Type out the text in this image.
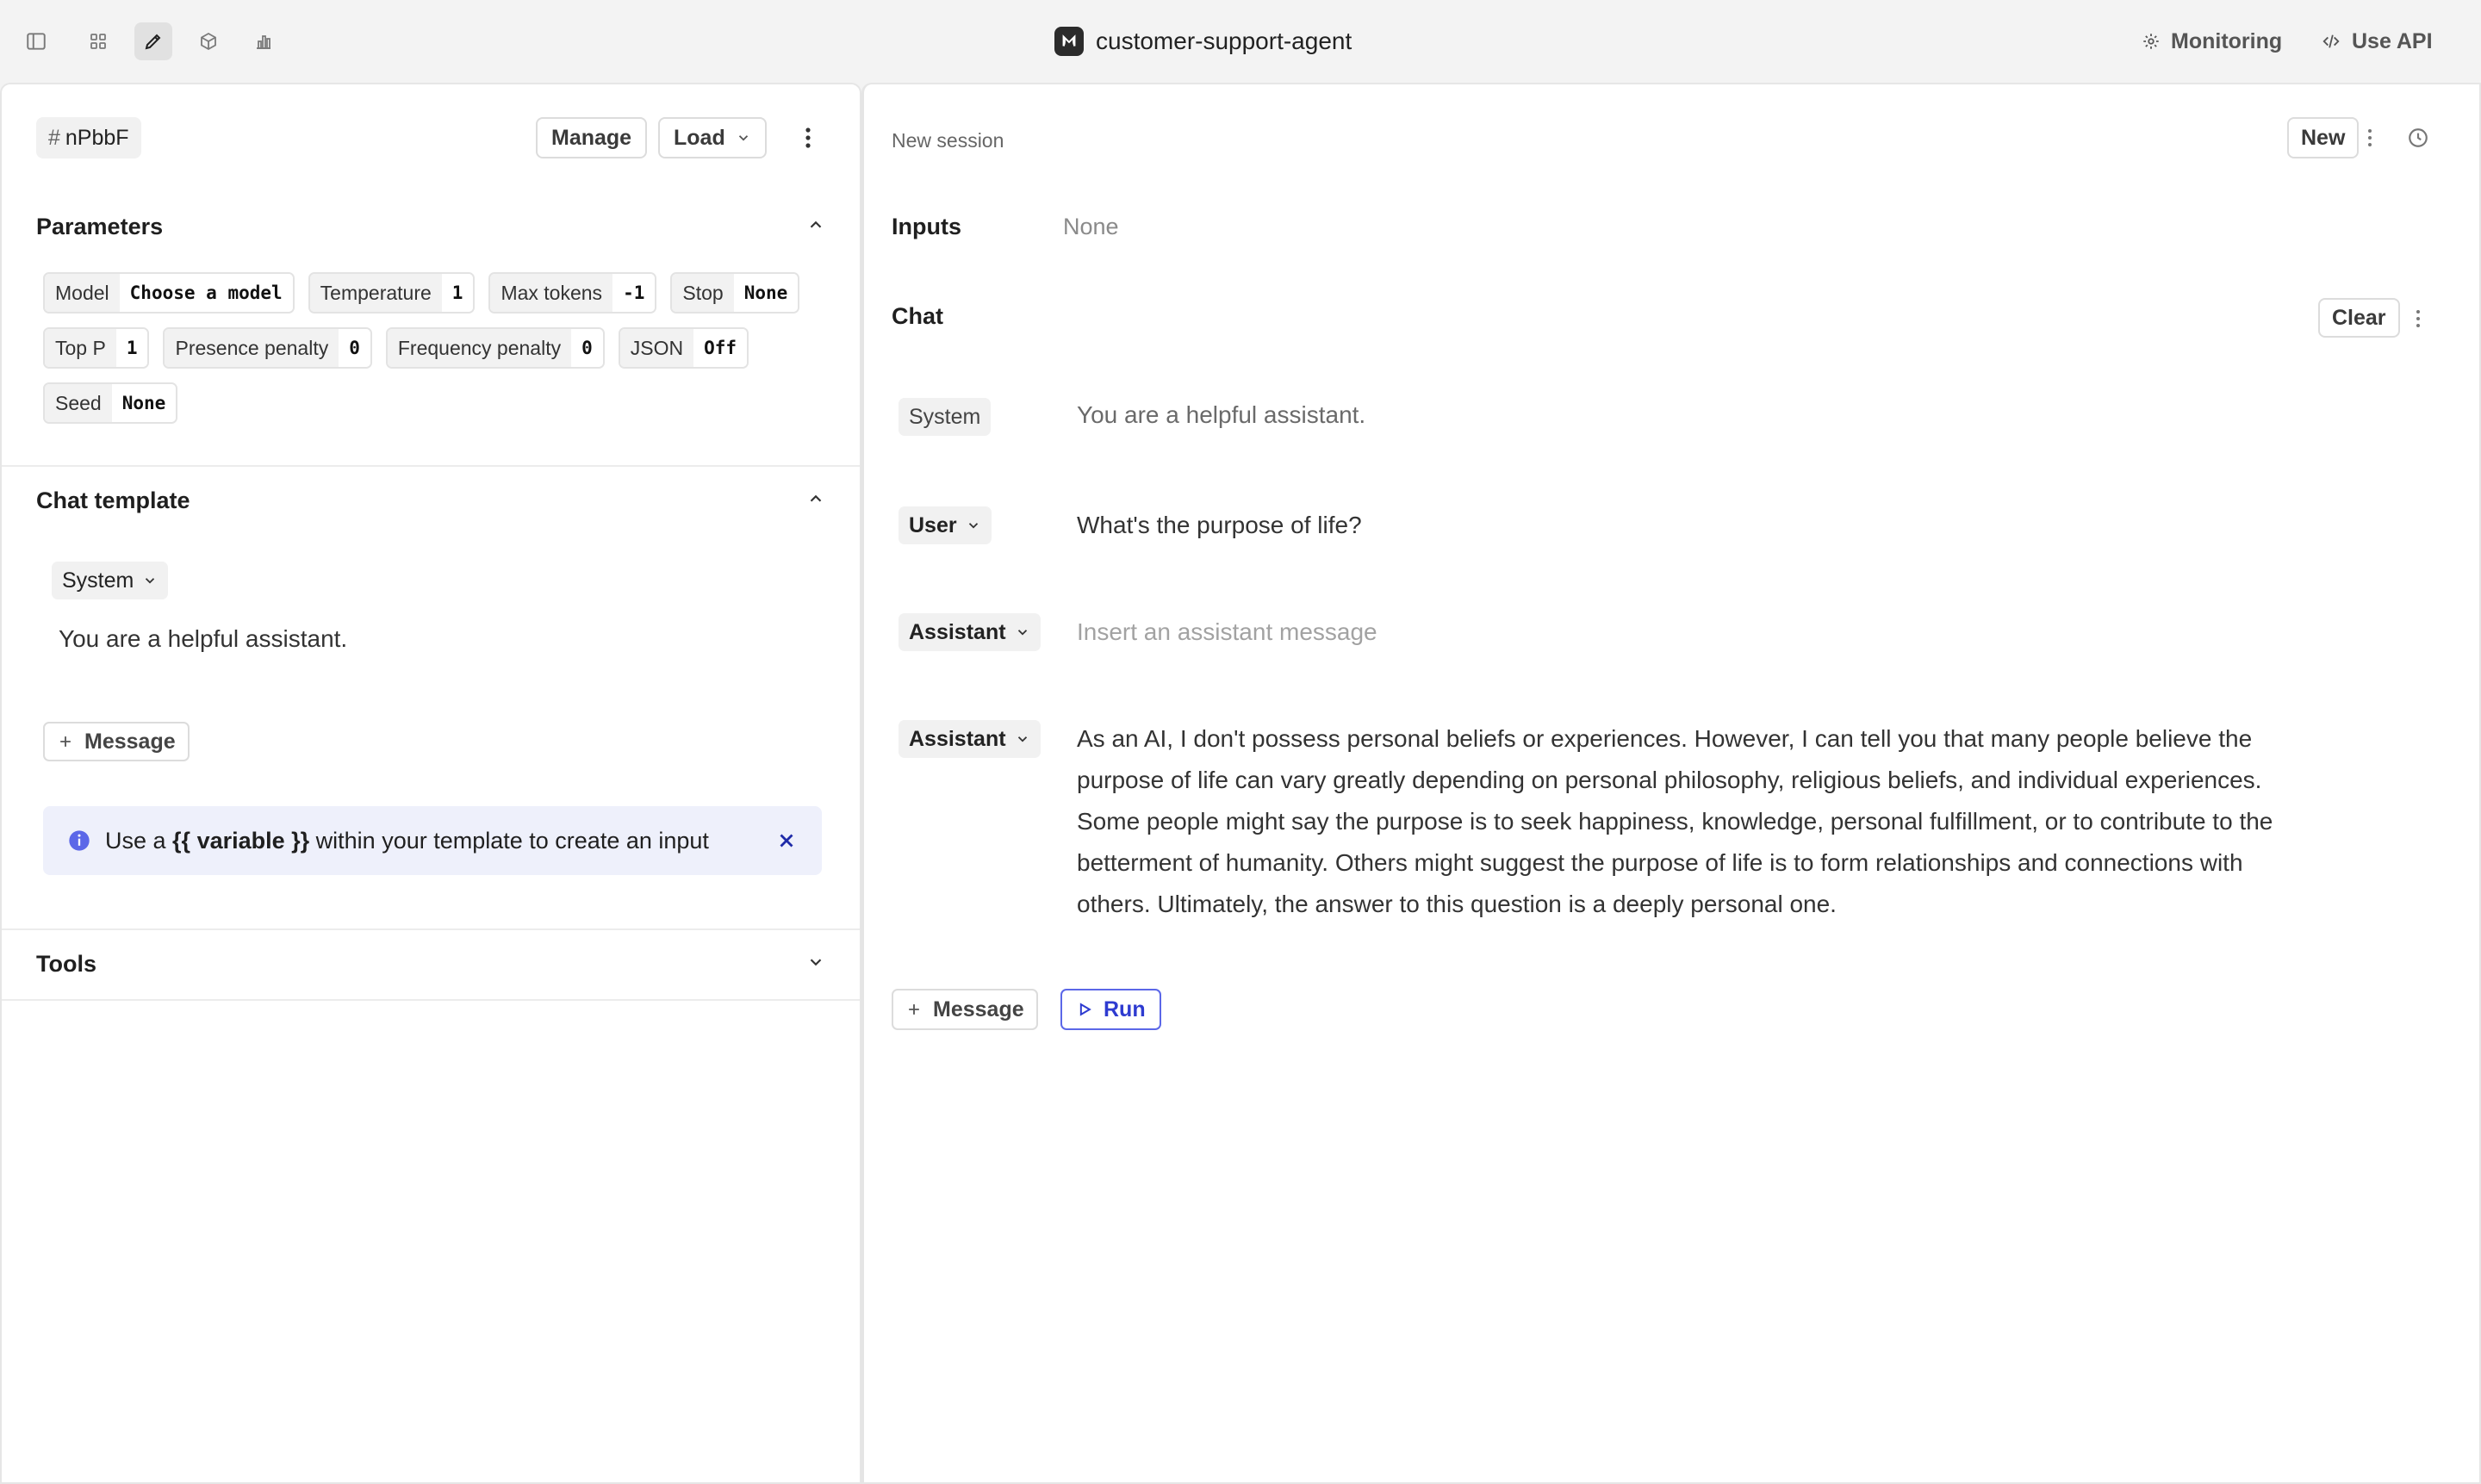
customer-support-agent	Monitoring	Use API
# nPbbF	Manage Load
Parameters
Model	Choose a model	Temperature	1	Max tokens	-1	Stop	None
Top P	1	Presence penalty	0	Frequency penalty	0	JSON	Off
Seed	None
Chat template
System
You are a helpful assistant.
Message
Use a {{ variable }} within your template to create an input
Tools
New session	New
Inputs	None
Chat	Clear
System	You are a helpful assistant.
User	What's the purpose of life?
Assistant	Insert an assistant message
Assistant	As an AI, I don't possess personal beliefs or experiences. However, I can tell you that many people believe the purpose of life can vary greatly depending on personal philosophy, religious beliefs, and individual experiences. Some people might say the purpose is to seek happiness, knowledge, personal fulfillment, or to contribute to the betterment of humanity. Others might suggest the purpose of life is to form relationships and connections with others. Ultimately, the answer to this question is a deeply personal one.
Message	Run
